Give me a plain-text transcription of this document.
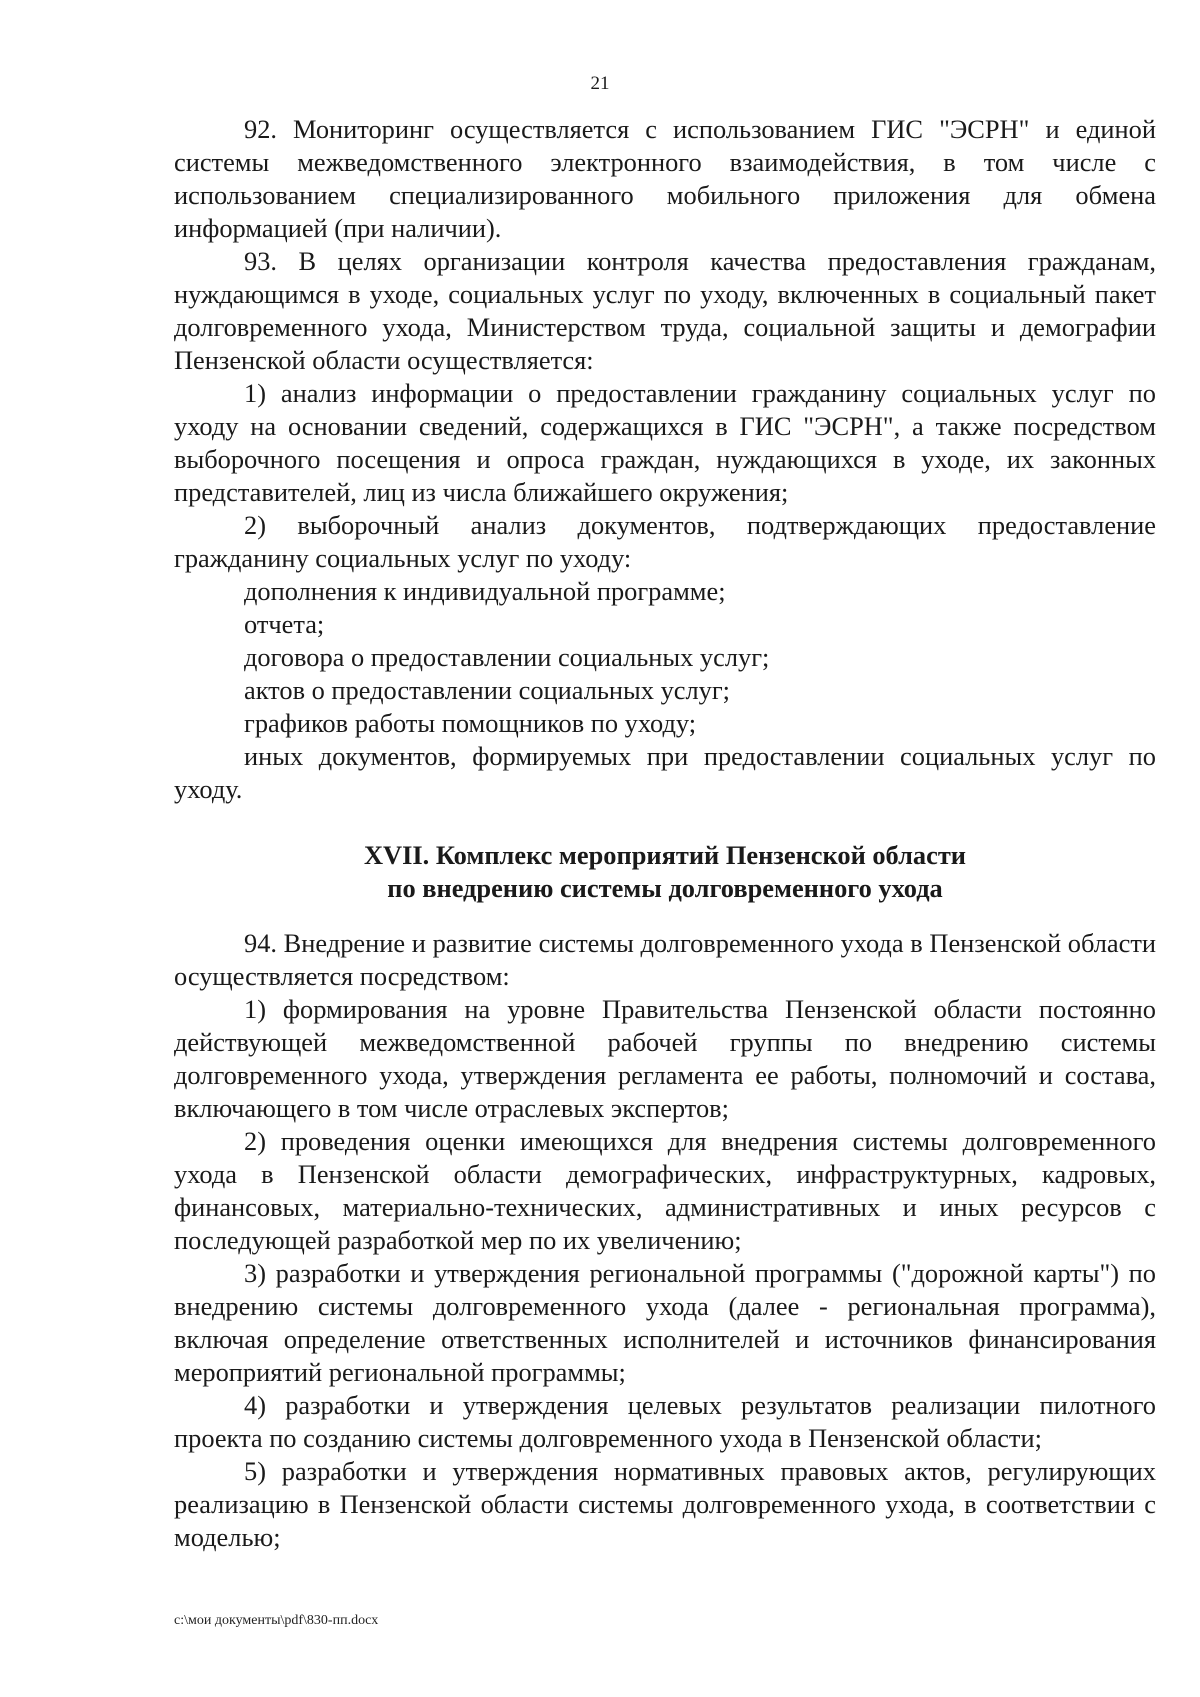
21

92. Мониторинг осуществляется с использованием ГИС "ЭСРН" и единой системы межведомственного электронного взаимодействия, в том числе с использованием специализированного мобильного приложения для обмена информацией (при наличии).

93. В целях организации контроля качества предоставления гражданам, нуждающимся в уходе, социальных услуг по уходу, включенных в социальный пакет долговременного ухода, Министерством труда, социальной защиты и демографии Пензенской области осуществляется:

1) анализ информации о предоставлении гражданину социальных услуг по уходу на основании сведений, содержащихся в ГИС "ЭСРН", а также посредством выборочного посещения и опроса граждан, нуждающихся в уходе, их законных представителей, лиц из числа ближайшего окружения;

2) выборочный анализ документов, подтверждающих предоставление гражданину социальных услуг по уходу:

дополнения к индивидуальной программе;

отчета;

договора о предоставлении социальных услуг;

актов о предоставлении социальных услуг;

графиков работы помощников по уходу;

иных документов, формируемых при предоставлении социальных услуг по уходу.

XVII. Комплекс мероприятий Пензенской области
по внедрению системы долговременного ухода

94. Внедрение и развитие системы долговременного ухода в Пензенской области осуществляется посредством:

1) формирования на уровне Правительства Пензенской области постоянно действующей межведомственной рабочей группы по внедрению системы долговременного ухода, утверждения регламента ее работы, полномочий и состава, включающего в том числе отраслевых экспертов;

2) проведения оценки имеющихся для внедрения системы долговременного ухода в Пензенской области демографических, инфраструктурных, кадровых, финансовых, материально-технических, административных и иных ресурсов с последующей разработкой мер по их увеличению;

3) разработки и утверждения региональной программы ("дорожной карты") по внедрению системы долговременного ухода (далее - региональная программа), включая определение ответственных исполнителей и источников финансирования мероприятий региональной программы;

4) разработки и утверждения целевых результатов реализации пилотного проекта по созданию системы долговременного ухода в Пензенской области;

5) разработки и утверждения нормативных правовых актов, регулирующих реализацию в Пензенской области системы долговременного ухода, в соответствии с моделью;

c:\мои документы\pdf\830-пп.docx
